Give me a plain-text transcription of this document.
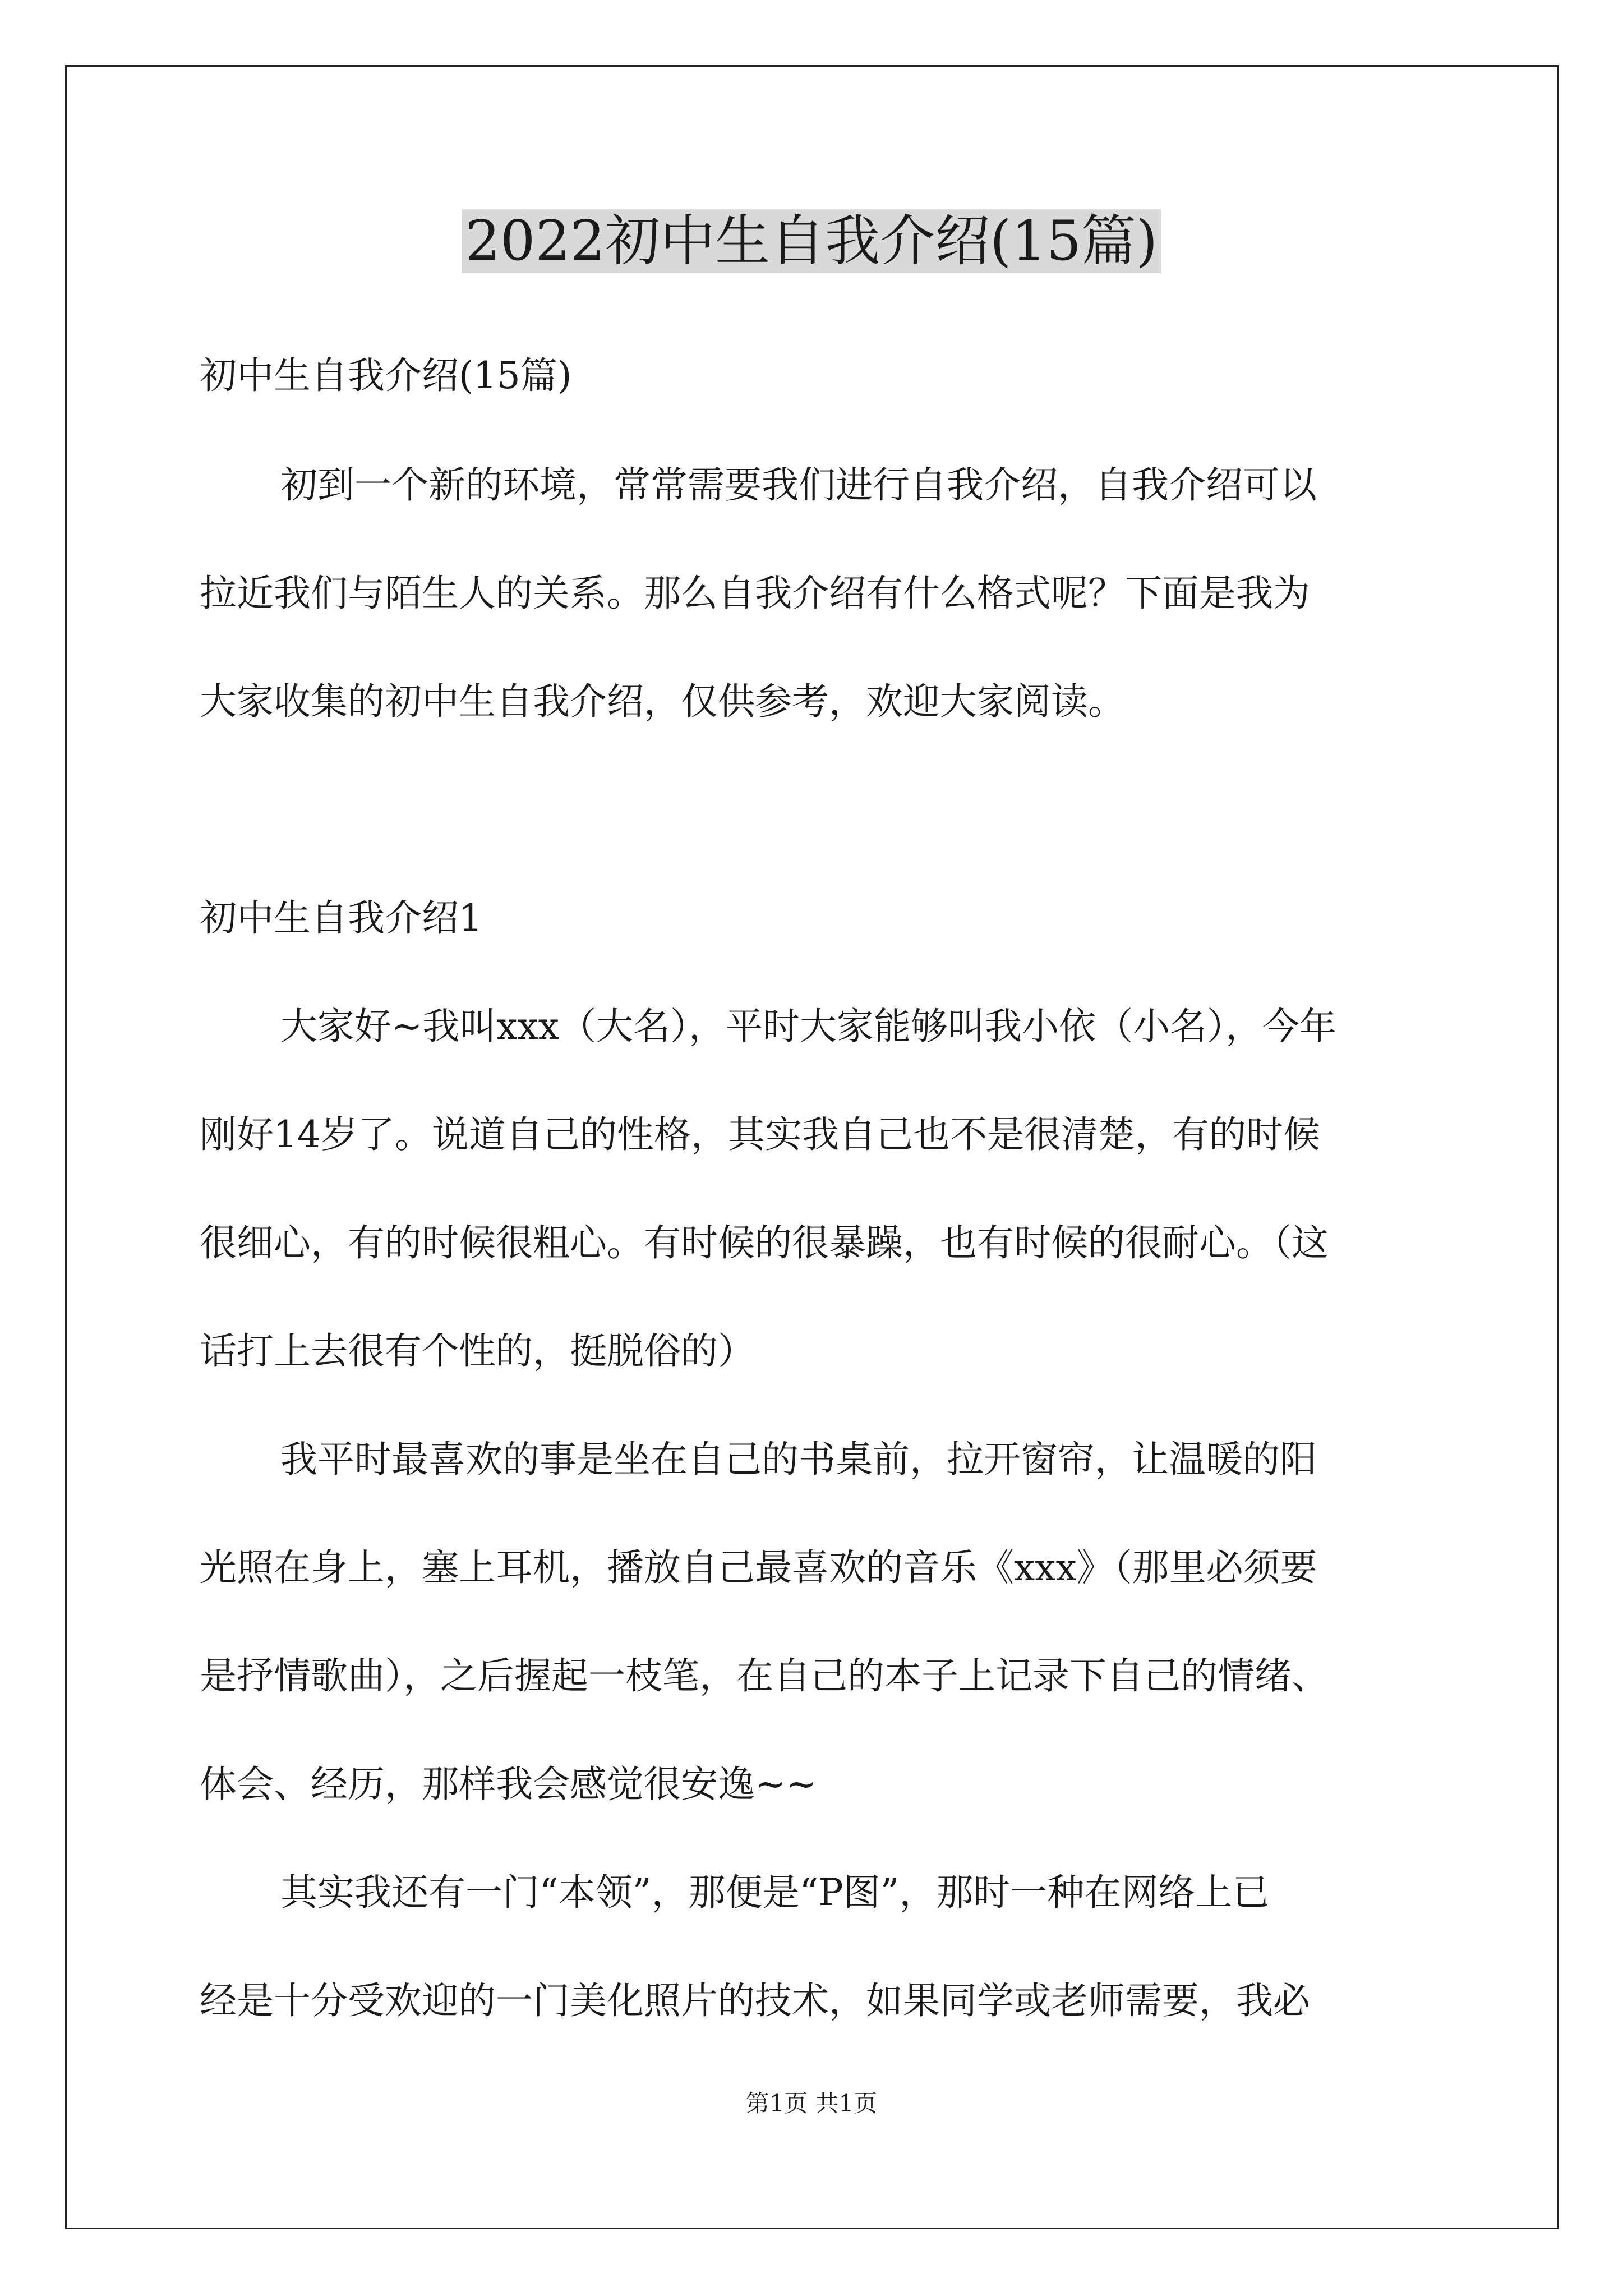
2022初中生自我介绍(15篇)

初中生自我介绍(15篇)

初到一个新的环境，常常需要我们进行自我介绍，自我介绍可以

拉近我们与陌生人的关系。那么自我介绍有什么格式呢？下面是我为

大家收集的初中生自我介绍，仅供参考，欢迎大家阅读。

初中生自我介绍1

大家好~我叫xxx（大名），平时大家能够叫我小依（小名），今年

刚好14岁了。说道自己的性格，其实我自己也不是很清楚，有的时候

很细心，有的时候很粗心。有时候的很暴躁，也有时候的很耐心。（这

话打上去很有个性的，挺脱俗的）

我平时最喜欢的事是坐在自己的书桌前，拉开窗帘，让温暖的阳

光照在身上，塞上耳机，播放自己最喜欢的音乐《xxx》（那里必须要

是抒情歌曲），之后握起一枝笔，在自己的本子上记录下自己的情绪、

体会、经历，那样我会感觉很安逸~~

其实我还有一门“本领”，那便是“P图”，那时一种在网络上已

经是十分受欢迎的一门美化照片的技术，如果同学或老师需要，我必

第1页 共1页
